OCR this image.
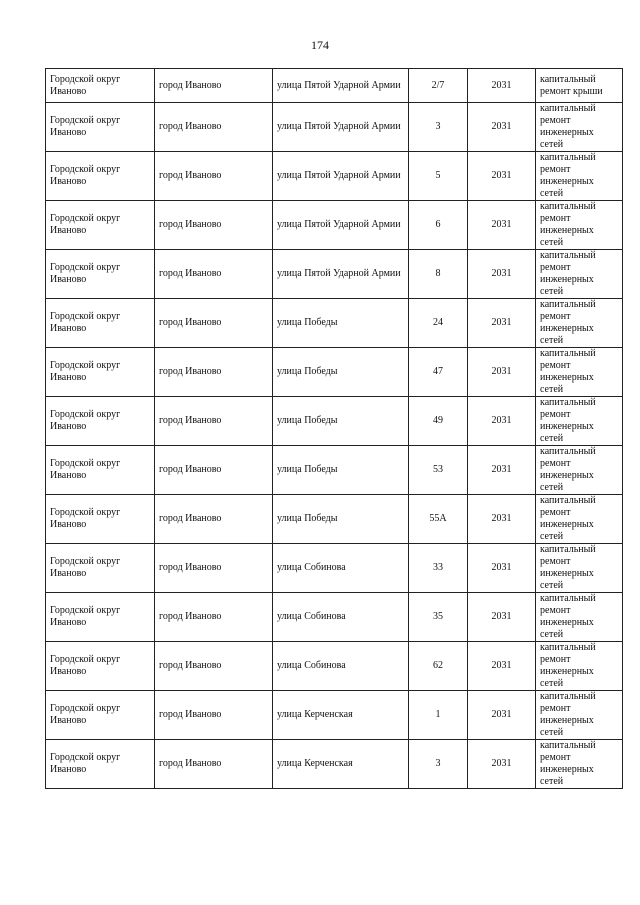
174
Городской округ Иваново	город Иваново	улица Пятой Ударной Армии	2/7	2031	капитальный ремонт крыши
Городской округ Иваново	город Иваново	улица Пятой Ударной Армии	3	2031	капитальный ремонт инженерных сетей
Городской округ Иваново	город Иваново	улица Пятой Ударной Армии	5	2031	капитальный ремонт инженерных сетей
Городской округ Иваново	город Иваново	улица Пятой Ударной Армии	6	2031	капитальный ремонт инженерных сетей
Городской округ Иваново	город Иваново	улица Пятой Ударной Армии	8	2031	капитальный ремонт инженерных сетей
Городской округ Иваново	город Иваново	улица Победы	24	2031	капитальный ремонт инженерных сетей
Городской округ Иваново	город Иваново	улица Победы	47	2031	капитальный ремонт инженерных сетей
Городской округ Иваново	город Иваново	улица Победы	49	2031	капитальный ремонт инженерных сетей
Городской округ Иваново	город Иваново	улица Победы	53	2031	капитальный ремонт инженерных сетей
Городской округ Иваново	город Иваново	улица Победы	55А	2031	капитальный ремонт инженерных сетей
Городской округ Иваново	город Иваново	улица Собинова	33	2031	капитальный ремонт инженерных сетей
Городской округ Иваново	город Иваново	улица Собинова	35	2031	капитальный ремонт инженерных сетей
Городской округ Иваново	город Иваново	улица Собинова	62	2031	капитальный ремонт инженерных сетей
Городской округ Иваново	город Иваново	улица Керченская	1	2031	капитальный ремонт инженерных сетей
Городской округ Иваново	город Иваново	улица Керченская	3	2031	капитальный ремонт инженерных сетей
